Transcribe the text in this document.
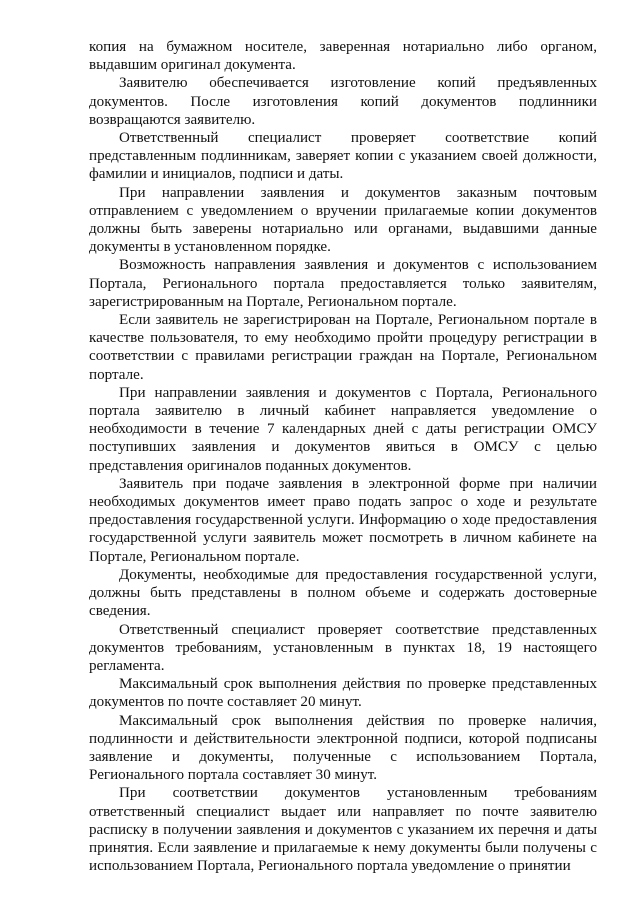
копия на бумажном носителе, заверенная нотариально либо органом, выдавшим оригинал документа.

Заявителю обеспечивается изготовление копий предъявленных документов. После изготовления копий документов подлинники возвращаются заявителю.

Ответственный специалист проверяет соответствие копий представленным подлинникам, заверяет копии с указанием своей должности, фамилии и инициалов, подписи и даты.

При направлении заявления и документов заказным почтовым отправлением с уведомлением о вручении прилагаемые копии документов должны быть заверены нотариально или органами, выдавшими данные документы в установленном порядке.

Возможность направления заявления и документов с использованием Портала, Регионального портала предоставляется только заявителям, зарегистрированным на Портале, Региональном портале.

Если заявитель не зарегистрирован на Портале, Региональном портале в качестве пользователя, то ему необходимо пройти процедуру регистрации в соответствии с правилами регистрации граждан на Портале, Региональном портале.

При направлении заявления и документов с Портала, Регионального портала заявителю в личный кабинет направляется уведомление о необходимости в течение 7 календарных дней с даты регистрации ОМСУ поступивших заявления и документов явиться в ОМСУ с целью представления оригиналов поданных документов.

Заявитель при подаче заявления в электронной форме при наличии необходимых документов имеет право подать запрос о ходе и результате предоставления государственной услуги. Информацию о ходе предоставления государственной услуги заявитель может посмотреть в личном кабинете на Портале, Региональном портале.

Документы, необходимые для предоставления государственной услуги, должны быть представлены в полном объеме и содержать достоверные сведения.

Ответственный специалист проверяет соответствие представленных документов требованиям, установленным в пунктах 18, 19 настоящего регламента.

Максимальный срок выполнения действия по проверке представленных документов по почте составляет 20 минут.

Максимальный срок выполнения действия по проверке наличия, подлинности и действительности электронной подписи, которой подписаны заявление и документы, полученные с использованием Портала, Регионального портала составляет 30 минут.

При соответствии документов установленным требованиям ответственный специалист выдает или направляет по почте заявителю расписку в получении заявления и документов с указанием их перечня и даты принятия. Если заявление и прилагаемые к нему документы были получены с использованием Портала, Регионального портала уведомление о принятии
